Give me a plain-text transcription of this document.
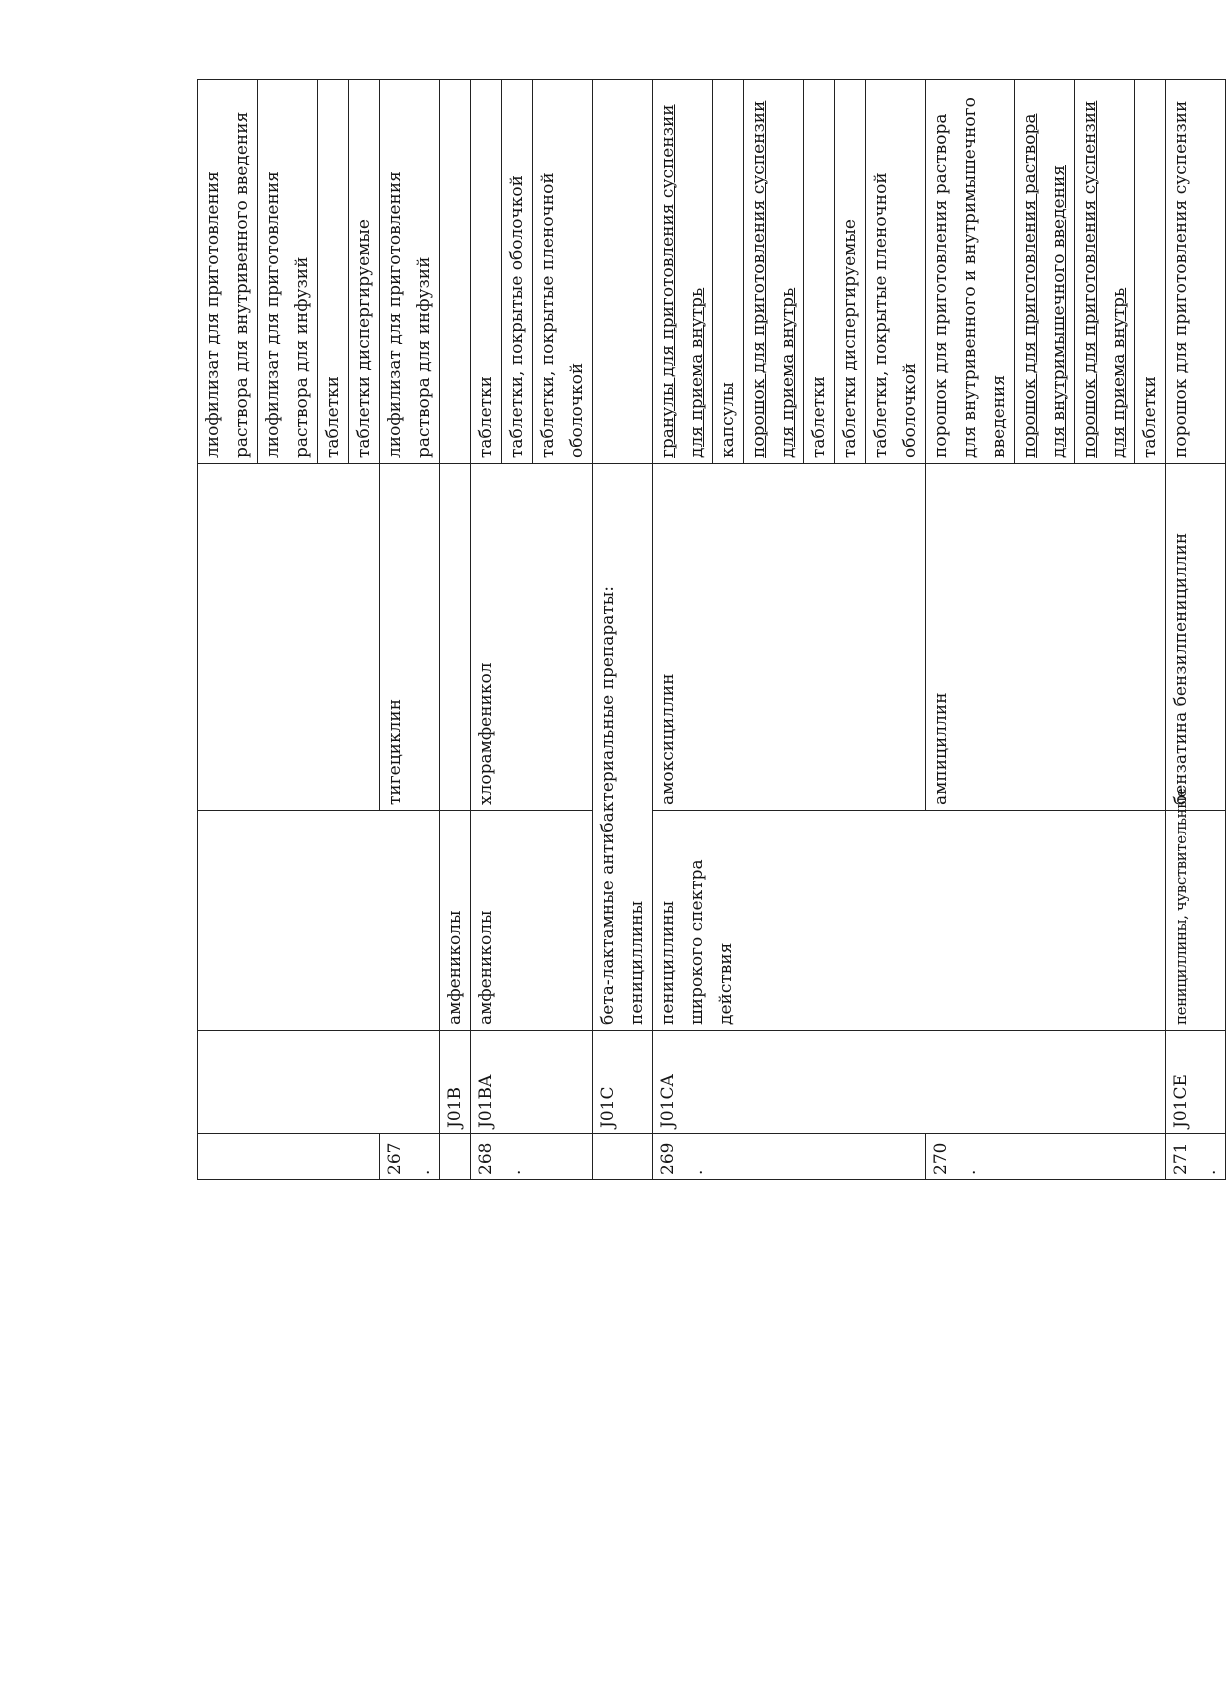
				лиофилизат для приготовления раствора для внутривенного введения
				лиофилизат для приготовления раствора для инфузий
				таблетки
				таблетки диспергируемые
267.			тигециклин	лиофилизат для приготовления раствора для инфузий
	J01B	амфениколы		
268.	J01BA	амфениколы	хлорамфеникол	таблетки
				таблетки, покрытые оболочкой
				таблетки, покрытые пленочной оболочкой
	J01C	бета-лактамные антибактериальные препараты: пенициллины		
269.	J01CA	пенициллины широкого спектра действия	амоксициллин	гранулы для приготовления суспензии для приема внутрь
				капсулы
				порошок для приготовления суспензии для приема внутрь
				таблетки
				таблетки диспергируемые
				таблетки, покрытые пленочной оболочкой
270.			ампициллин	порошок для приготовления раствора для внутривенного и внутримышечного введения
				порошок для приготовления раствора для внутримышечного введения
				порошок для приготовления суспензии для приема внутрь
				таблетки
271.	J01CE	пенициллины, чувствительные	бензатина бензилпенициллин	порошок для приготовления суспензии
